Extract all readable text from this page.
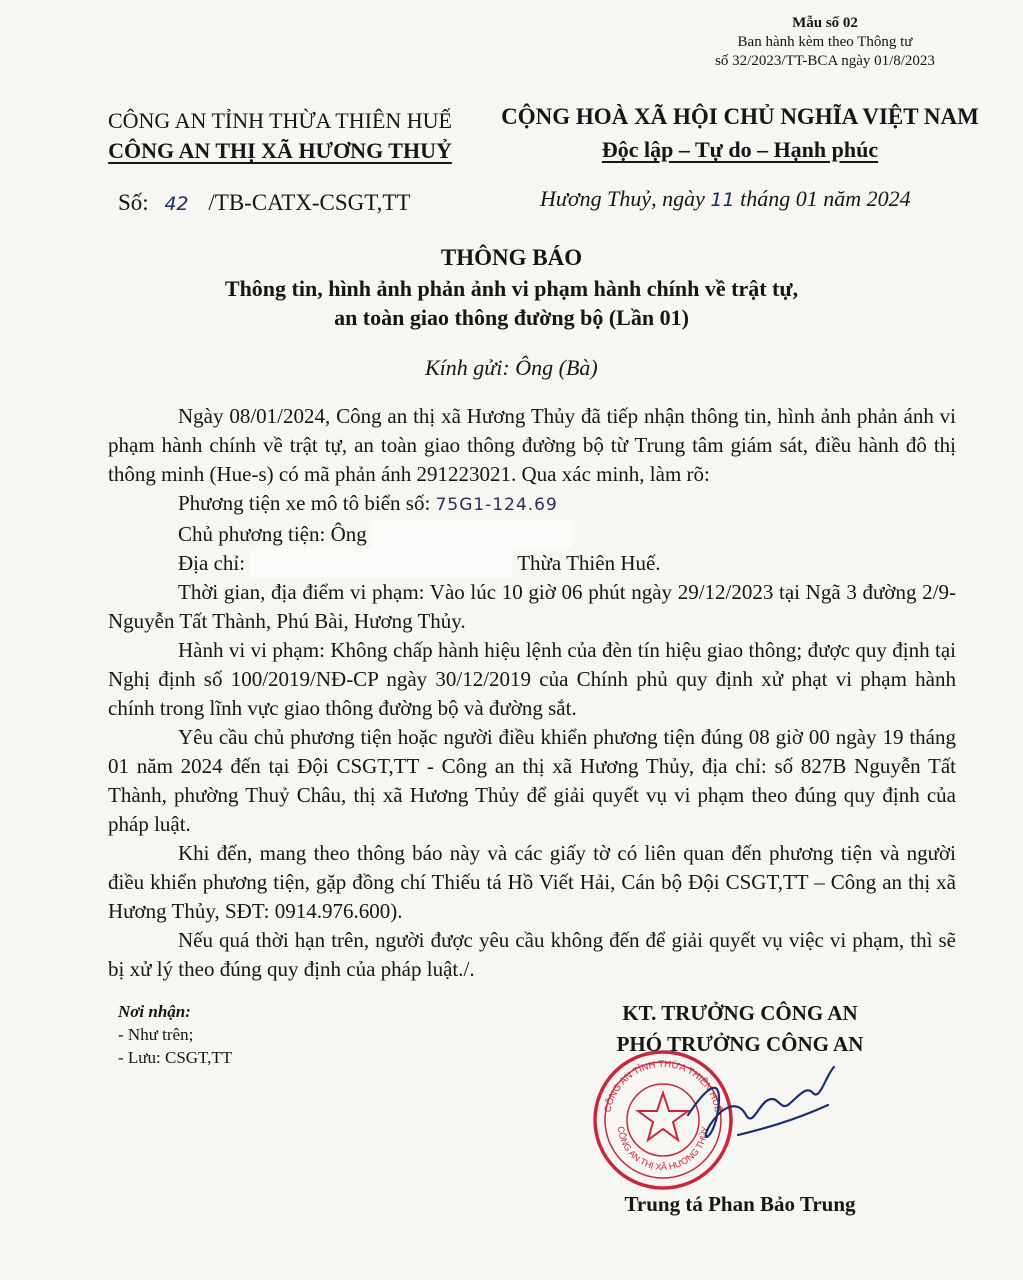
Mẫu số 02
Ban hành kèm theo Thông tư
số 32/2023/TT-BCA ngày 01/8/2023
CÔNG AN TỈNH THỪA THIÊN HUẾ
CÔNG AN THỊ XÃ HƯƠNG THUỶ
CỘNG HOÀ XÃ HỘI CHỦ NGHĨA VIỆT NAM
Độc lập – Tự do – Hạnh phúc
Số: 42 /TB-CATX-CSGT,TT	Hương Thuỷ, ngày 11 tháng 01 năm 2024
THÔNG BÁO
Thông tin, hình ảnh phản ảnh vi phạm hành chính về trật tự,
an toàn giao thông đường bộ (Lần 01)
Kính gửi: Ông (Bà)

Ngày 08/01/2024, Công an thị xã Hương Thủy đã tiếp nhận thông tin, hình ảnh phản ánh vi phạm hành chính về trật tự, an toàn giao thông đường bộ từ Trung tâm giám sát, điều hành đô thị thông minh (Hue-s) có mã phản ánh 291223021. Qua xác minh, làm rõ:

Phương tiện xe mô tô biển số: 75G1-124.69
Chủ phương tiện: Ông
Địa chỉ:	Thừa Thiên Huế.

Thời gian, địa điểm vi phạm: Vào lúc 10 giờ 06 phút ngày 29/12/2023 tại Ngã 3 đường 2/9- Nguyễn Tất Thành, Phú Bài, Hương Thủy.

Hành vi vi phạm: Không chấp hành hiệu lệnh của đèn tín hiệu giao thông; được quy định tại Nghị định số 100/2019/NĐ-CP ngày 30/12/2019 của Chính phủ quy định xử phạt vi phạm hành chính trong lĩnh vực giao thông đường bộ và đường sắt.

Yêu cầu chủ phương tiện hoặc người điều khiển phương tiện đúng 08 giờ 00 ngày 19 tháng 01 năm 2024 đến tại Đội CSGT,TT - Công an thị xã Hương Thủy, địa chỉ: số 827B Nguyễn Tất Thành, phường Thuỷ Châu, thị xã Hương Thủy để giải quyết vụ vi phạm theo đúng quy định của pháp luật.

Khi đến, mang theo thông báo này và các giấy tờ có liên quan đến phương tiện và người điều khiển phương tiện, gặp đồng chí Thiếu tá Hồ Viết Hải, Cán bộ Đội CSGT,TT – Công an thị xã Hương Thủy, SĐT: 0914.976.600).

Nếu quá thời hạn trên, người được yêu cầu không đến để giải quyết vụ việc vi phạm, thì sẽ bị xử lý theo đúng quy định của pháp luật./.

Nơi nhận:
- Như trên;
- Lưu: CSGT,TT
KT. TRƯỞNG CÔNG AN
PHÓ TRƯỞNG CÔNG AN
CÔNG AN TỈNH THỪA THIÊN HUẾ
CÔNG AN THỊ XÃ HƯƠNG THỦY
Trung tá Phan Bảo Trung
